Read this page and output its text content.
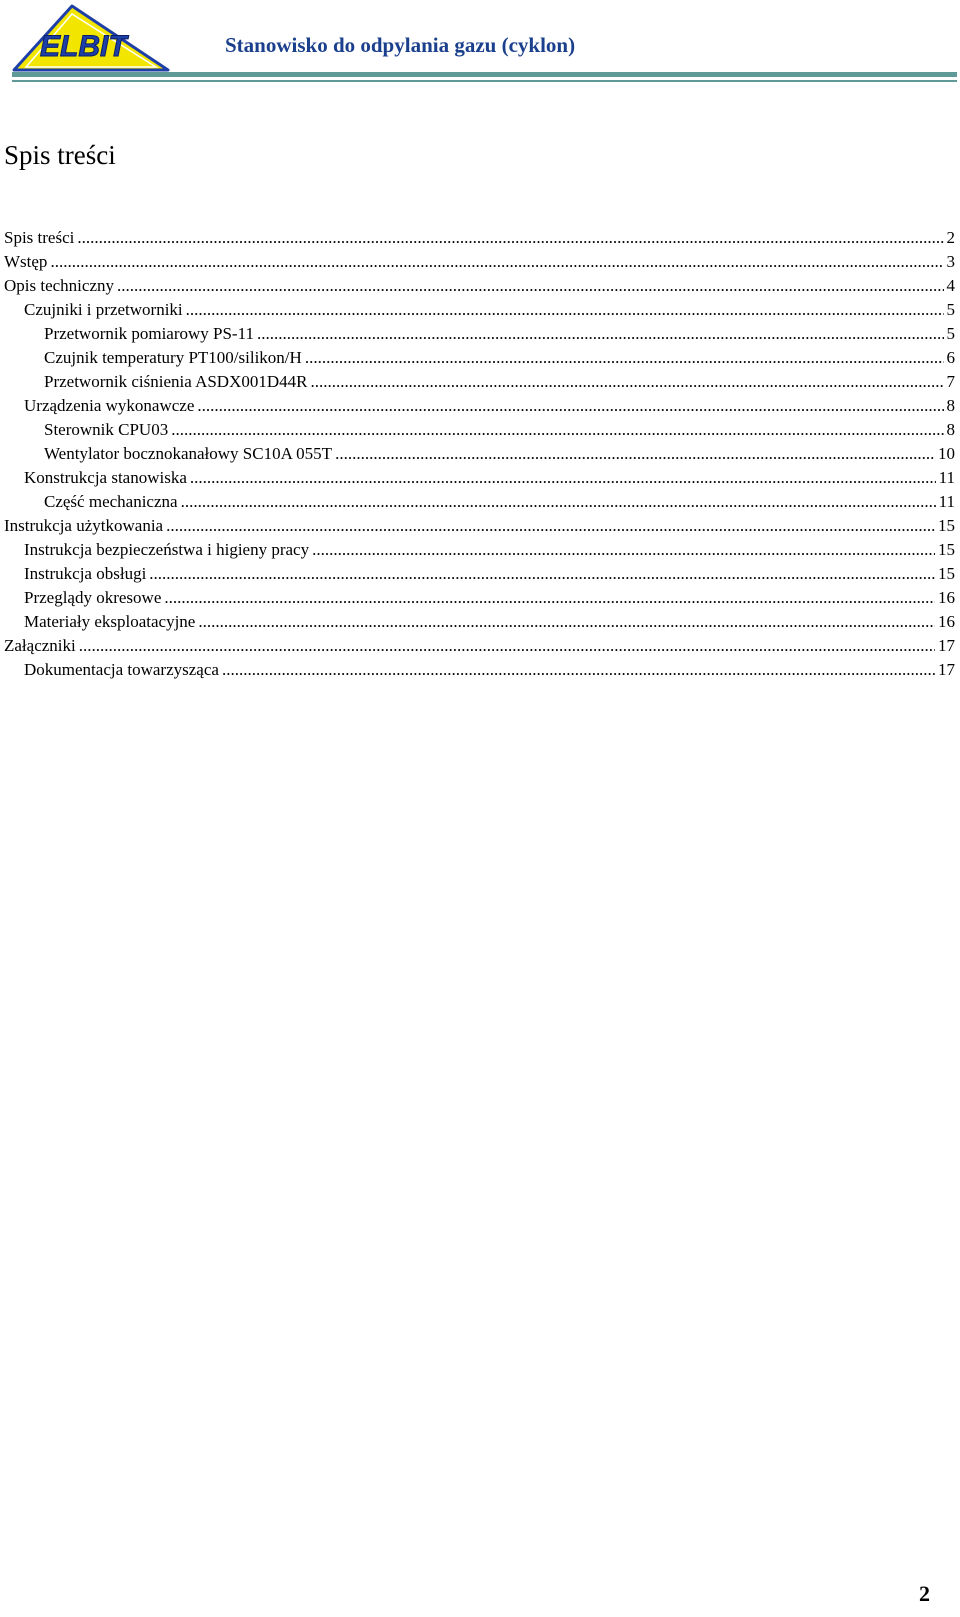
ELBIT	Stanowisko do odpylania gazu (cyklon)
Spis treści
Spis treści .....	2
Wstęp .....	3
Opis techniczny .....	4
Czujniki i przetworniki .....	5
Przetwornik pomiarowy PS-11 .....	5
Czujnik temperatury PT100/silikon/H .....	6
Przetwornik ciśnienia ASDX001D44R .....	7
Urządzenia wykonawcze .....	8
Sterownik CPU03 .....	8
Wentylator bocznokanałowy SC10A 055T .....	10
Konstrukcja stanowiska .....	11
Część mechaniczna .....	11
Instrukcja użytkowania .....	15
Instrukcja bezpieczeństwa i higieny pracy .....	15
Instrukcja obsługi .....	15
Przeglądy okresowe .....	16
Materiały eksploatacyjne .....	16
Załączniki .....	17
Dokumentacja towarzysząca .....	17
2
